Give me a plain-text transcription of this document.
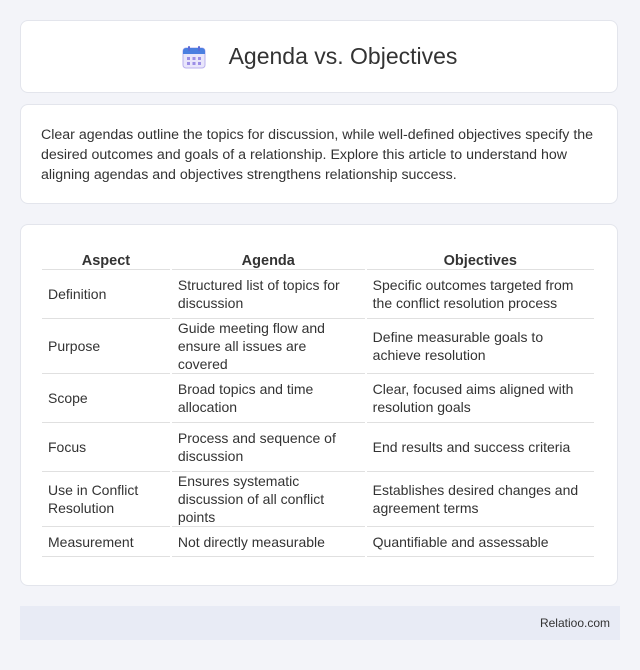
Agenda vs. Objectives

Clear agendas outline the topics for discussion, while well-defined objectives specify the desired outcomes and goals of a relationship. Explore this article to understand how aligning agendas and objectives strengthens relationship success.

Aspect	Agenda	Objectives
Definition	Structured list of topics for discussion	Specific outcomes targeted from the conflict resolution process
Purpose	Guide meeting flow and ensure all issues are covered	Define measurable goals to achieve resolution
Scope	Broad topics and time allocation	Clear, focused aims aligned with resolution goals
Focus	Process and sequence of discussion	End results and success criteria
Use in Conflict Resolution	Ensures systematic discussion of all conflict points	Establishes desired changes and agreement terms
Measurement	Not directly measurable	Quantifiable and assessable
Relatioo.com
